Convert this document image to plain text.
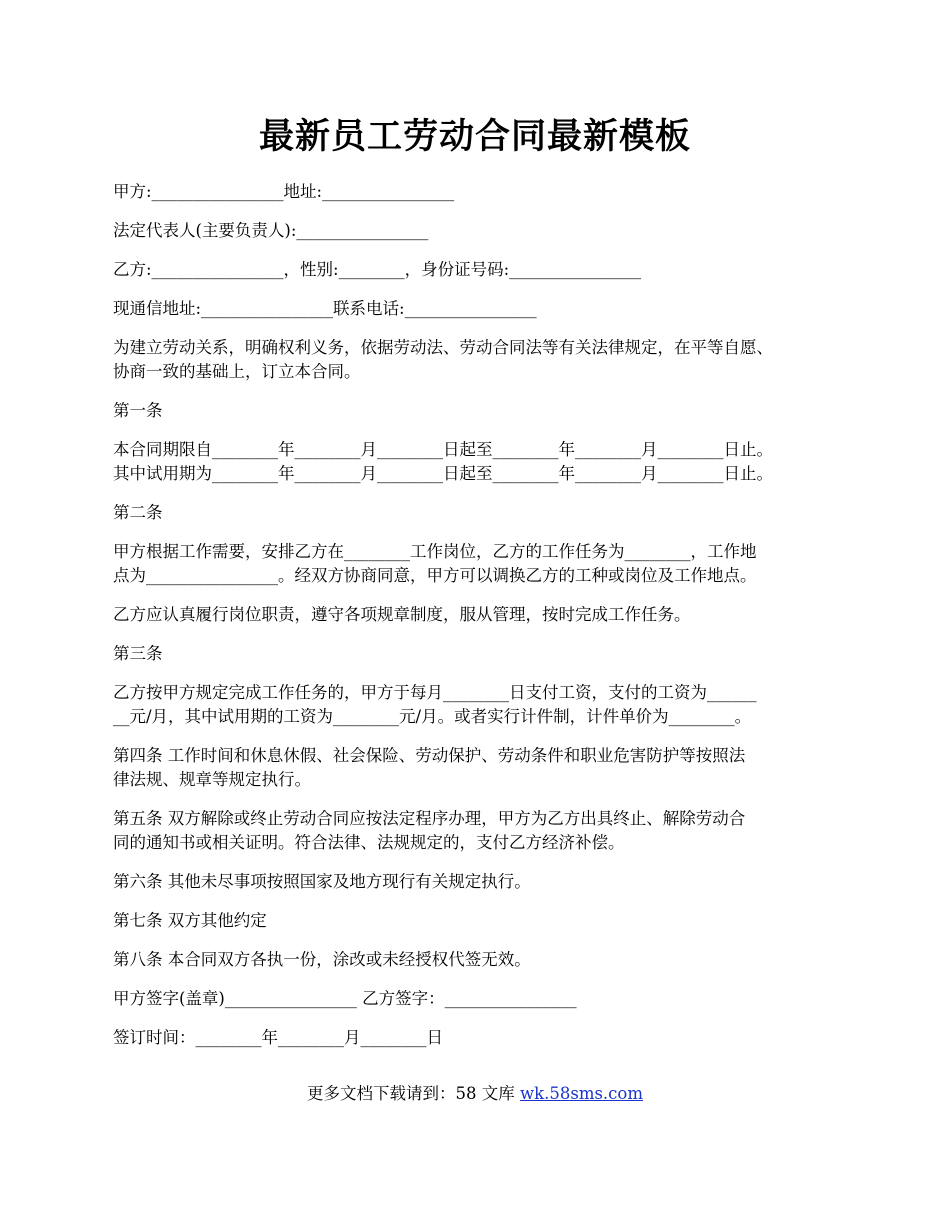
最新员工劳动合同最新模板

甲方:________________地址:________________

法定代表人(主要负责人):________________

乙方:________________，性别:________，身份证号码:________________

现通信地址:________________联系电话:________________

为建立劳动关系，明确权利义务，依据劳动法、劳动合同法等有关法律规定，在平等自愿、
协商一致的基础上，订立本合同。

第一条

本合同期限自________年________月________日起至________年________月________日止。
其中试用期为________年________月________日起至________年________月________日止。

第二条

甲方根据工作需要，安排乙方在________工作岗位，乙方的工作任务为________，工作地
点为________________。经双方协商同意，甲方可以调换乙方的工种或岗位及工作地点。

乙方应认真履行岗位职责，遵守各项规章制度，服从管理，按时完成工作任务。

第三条

乙方按甲方规定完成工作任务的，甲方于每月________日支付工资，支付的工资为______
__元/月，其中试用期的工资为________元/月。或者实行计件制，计件单价为________。
第四条 工作时间和休息休假、社会保险、劳动保护、劳动条件和职业危害防护等按照法
律法规、规章等规定执行。
第五条 双方解除或终止劳动合同应按法定程序办理，甲方为乙方出具终止、解除劳动合
同的通知书或相关证明。符合法律、法规规定的，支付乙方经济补偿。

第六条 其他未尽事项按照国家及地方现行有关规定执行。

第七条 双方其他约定

第八条 本合同双方各执一份，涂改或未经授权代签无效。

甲方签字(盖章)________________ 乙方签字：________________

签订时间：________年________月________日

更多文档下载请到：58 文库 wk.58sms.com
